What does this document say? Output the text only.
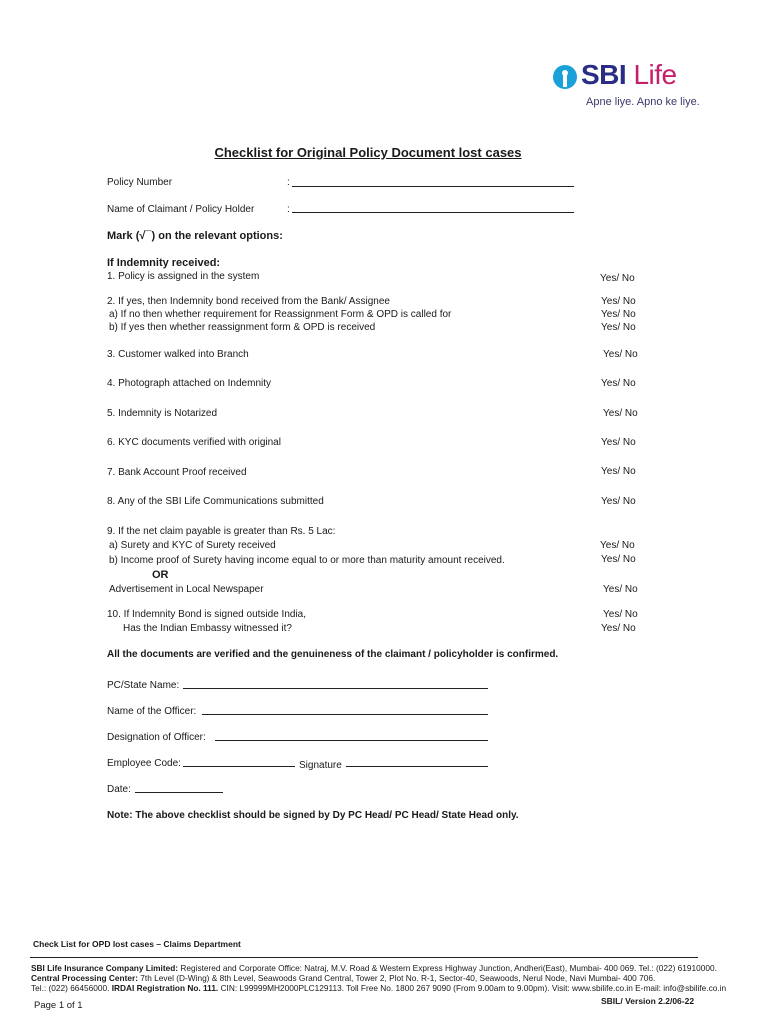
SBI Life
Apne liye. Apno ke liye.
Checklist for Original Policy Document lost cases
Policy Number	:
Name of Claimant / Policy Holder	:
Mark (√¯) on the relevant options:
If Indemnity received:
1. Policy is assigned in the system	Yes/ No
2. If yes, then Indemnity bond received from the Bank/ Assignee	Yes/ No
a) If no then whether requirement for Reassignment Form & OPD is called for	Yes/ No
b) If yes then whether reassignment form & OPD is received	Yes/ No
3. Customer walked into Branch	Yes/ No
4. Photograph attached on Indemnity	Yes/ No
5. Indemnity is Notarized	Yes/ No
6. KYC documents verified with original	Yes/ No
7. Bank Account Proof received	Yes/ No
8. Any of the SBI Life Communications submitted	Yes/ No
9. If the net claim payable is greater than Rs. 5 Lac:
a) Surety and KYC of Surety received	Yes/ No
b) Income proof of Surety having income equal to or more than maturity amount received.	Yes/ No
OR
Advertisement in Local Newspaper	Yes/ No
10. If Indemnity Bond is signed outside India,	Yes/ No
Has the Indian Embassy witnessed it?	Yes/ No
All the documents are verified and the genuineness of the claimant / policyholder is confirmed.
PC/State Name:
Name of the Officer:
Designation of Officer:
Employee Code:	Signature
Date:
Note: The above checklist should be signed by Dy PC Head/ PC Head/ State Head only.
Check List for OPD lost cases – Claims Department
SBI Life Insurance Company Limited: Registered and Corporate Office: Natraj, M.V. Road & Western Express Highway Junction, Andheri(East), Mumbai- 400 069. Tel.: (022) 61910000.
Central Processing Center: 7th Level (D-Wing) & 8th Level, Seawoods Grand Central, Tower 2, Plot No. R-1, Sector-40, Seawoods, Nerul Node, Navi Mumbai- 400 706.
Tel.: (022) 66456000. IRDAI Registration No. 111. CIN: L99999MH2000PLC129113. Toll Free No. 1800 267 9090 (From 9.00am to 9.00pm). Visit: www.sbilife.co.in E-mail: info@sbilife.co.in
Page 1 of 1	SBIL/ Version 2.2/06-22
